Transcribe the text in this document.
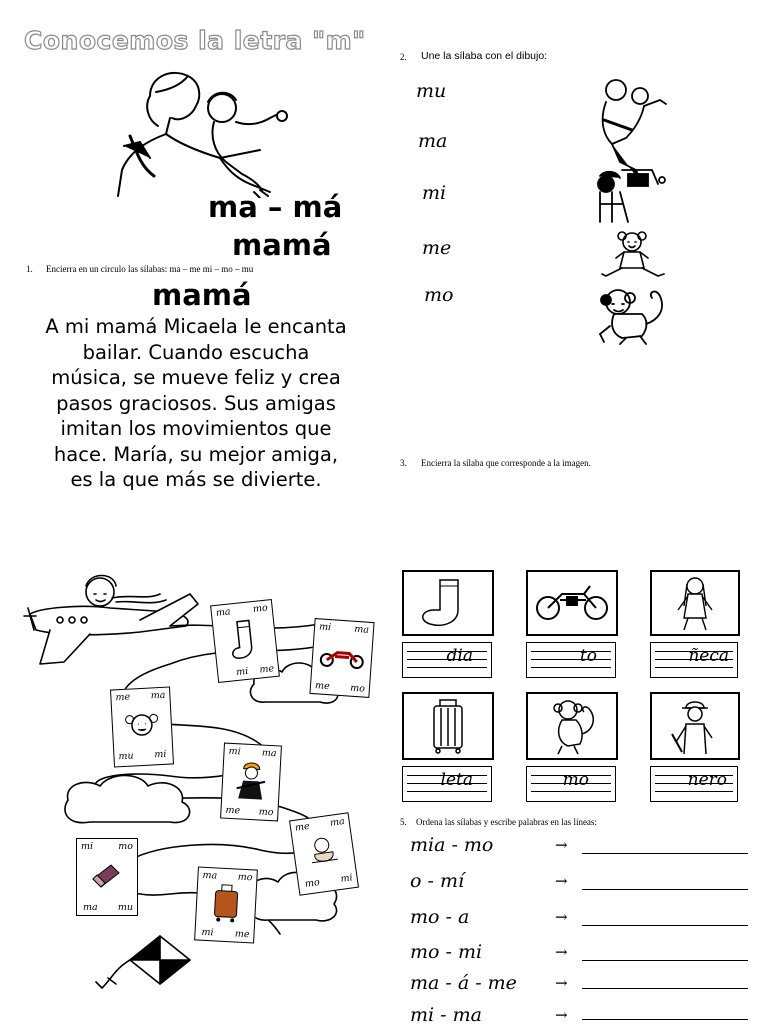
Conocemos la letra "m"
ma – má
mamá
1. Encierra en un círculo las sílabas: ma – me mi – mo – mu
mamá
A mi mamá Micaela le encanta
bailar. Cuando escucha
música, se mueve feliz y crea
pasos graciosos. Sus amigas
imitan los movimientos que
hace. María, su mejor amiga,
es la que más se divierte.
2. Une la sílaba con el dibujo:
mu
ma
mi
me
mo
3. Encierra la sílaba que corresponde a la imagen.
ma mo
mi me
mi ma
me mo
me ma
mu mi	mi ma
me mo
me ma
mo mi
mi	mo
ma mu
ma mo
mi me
dia	to	ñeca
leta	mo	nero
5. Ordena las sílabas y escribe palabras en las líneas:
mia - mo	→
o - mí	→
mo - a	→
mo - mi	→
ma - á - me	→
mi - ma	→
